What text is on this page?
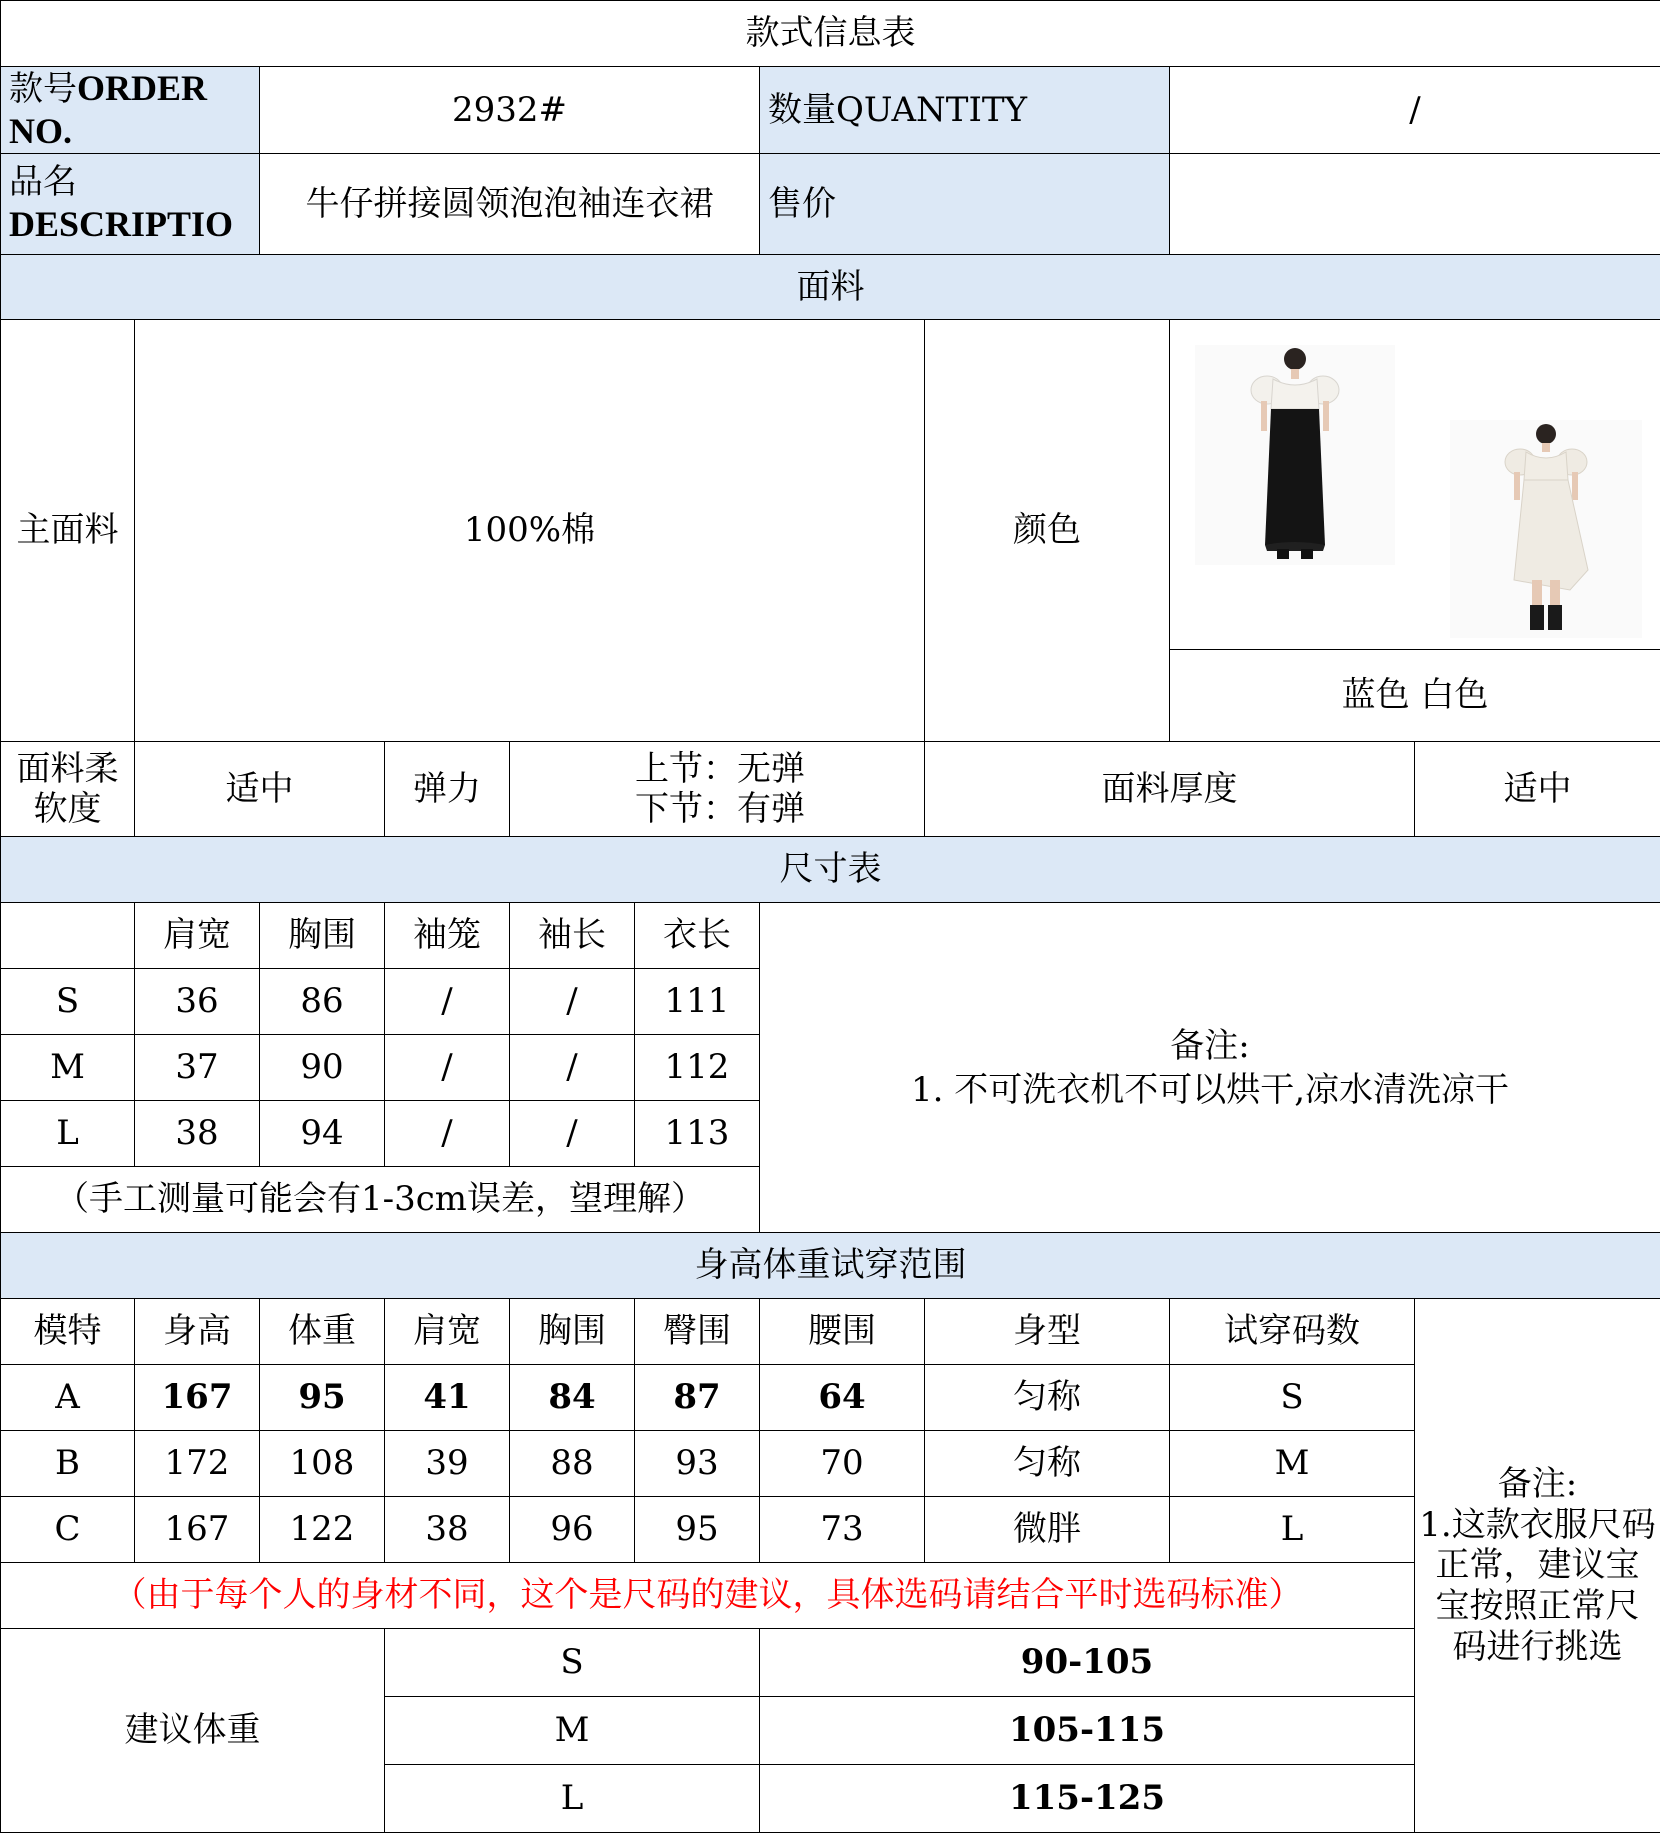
款式信息表									
款号ORDER NO.		2932#				数量QUANTITY		/	
品名
DESCRIPTIO		牛仔拼接圆领泡泡袖连衣裙				售价			
面料									
主面料	100%棉						颜色	

								蓝色 白色	
面料柔软度	适中		弹力	上节：无弹
下节：有弹			面料厚度		适中
尺寸表									
	肩宽	胸围	袖笼	袖长	衣长	备注:
1. 不可洗衣机不可以烘干,凉水清洗凉干			

S	36	86	/	/	111				
M	37	90	/	/	112				
L	38	94	/	/	113				
（手工测量可能会有1-3cm误差，望理解）									
身高体重试穿范围									
模特	身高	体重	肩宽	胸围	臀围	腰围	身型	试穿码数	备注:
1.这款衣服尺码正常，建议宝宝按照正常尺码进行挑选

A	167	95	41	84	87	64	匀称	S	
B	172	108	39	88	93	70	匀称	M	
C	167	122	38	96	95	73	微胖	L	
（由于每个人的身材不同，这个是尺码的建议，具体选码请结合平时选码标准）									
建议体重			S			90-105			
			M			105-115			
			L			115-125			
